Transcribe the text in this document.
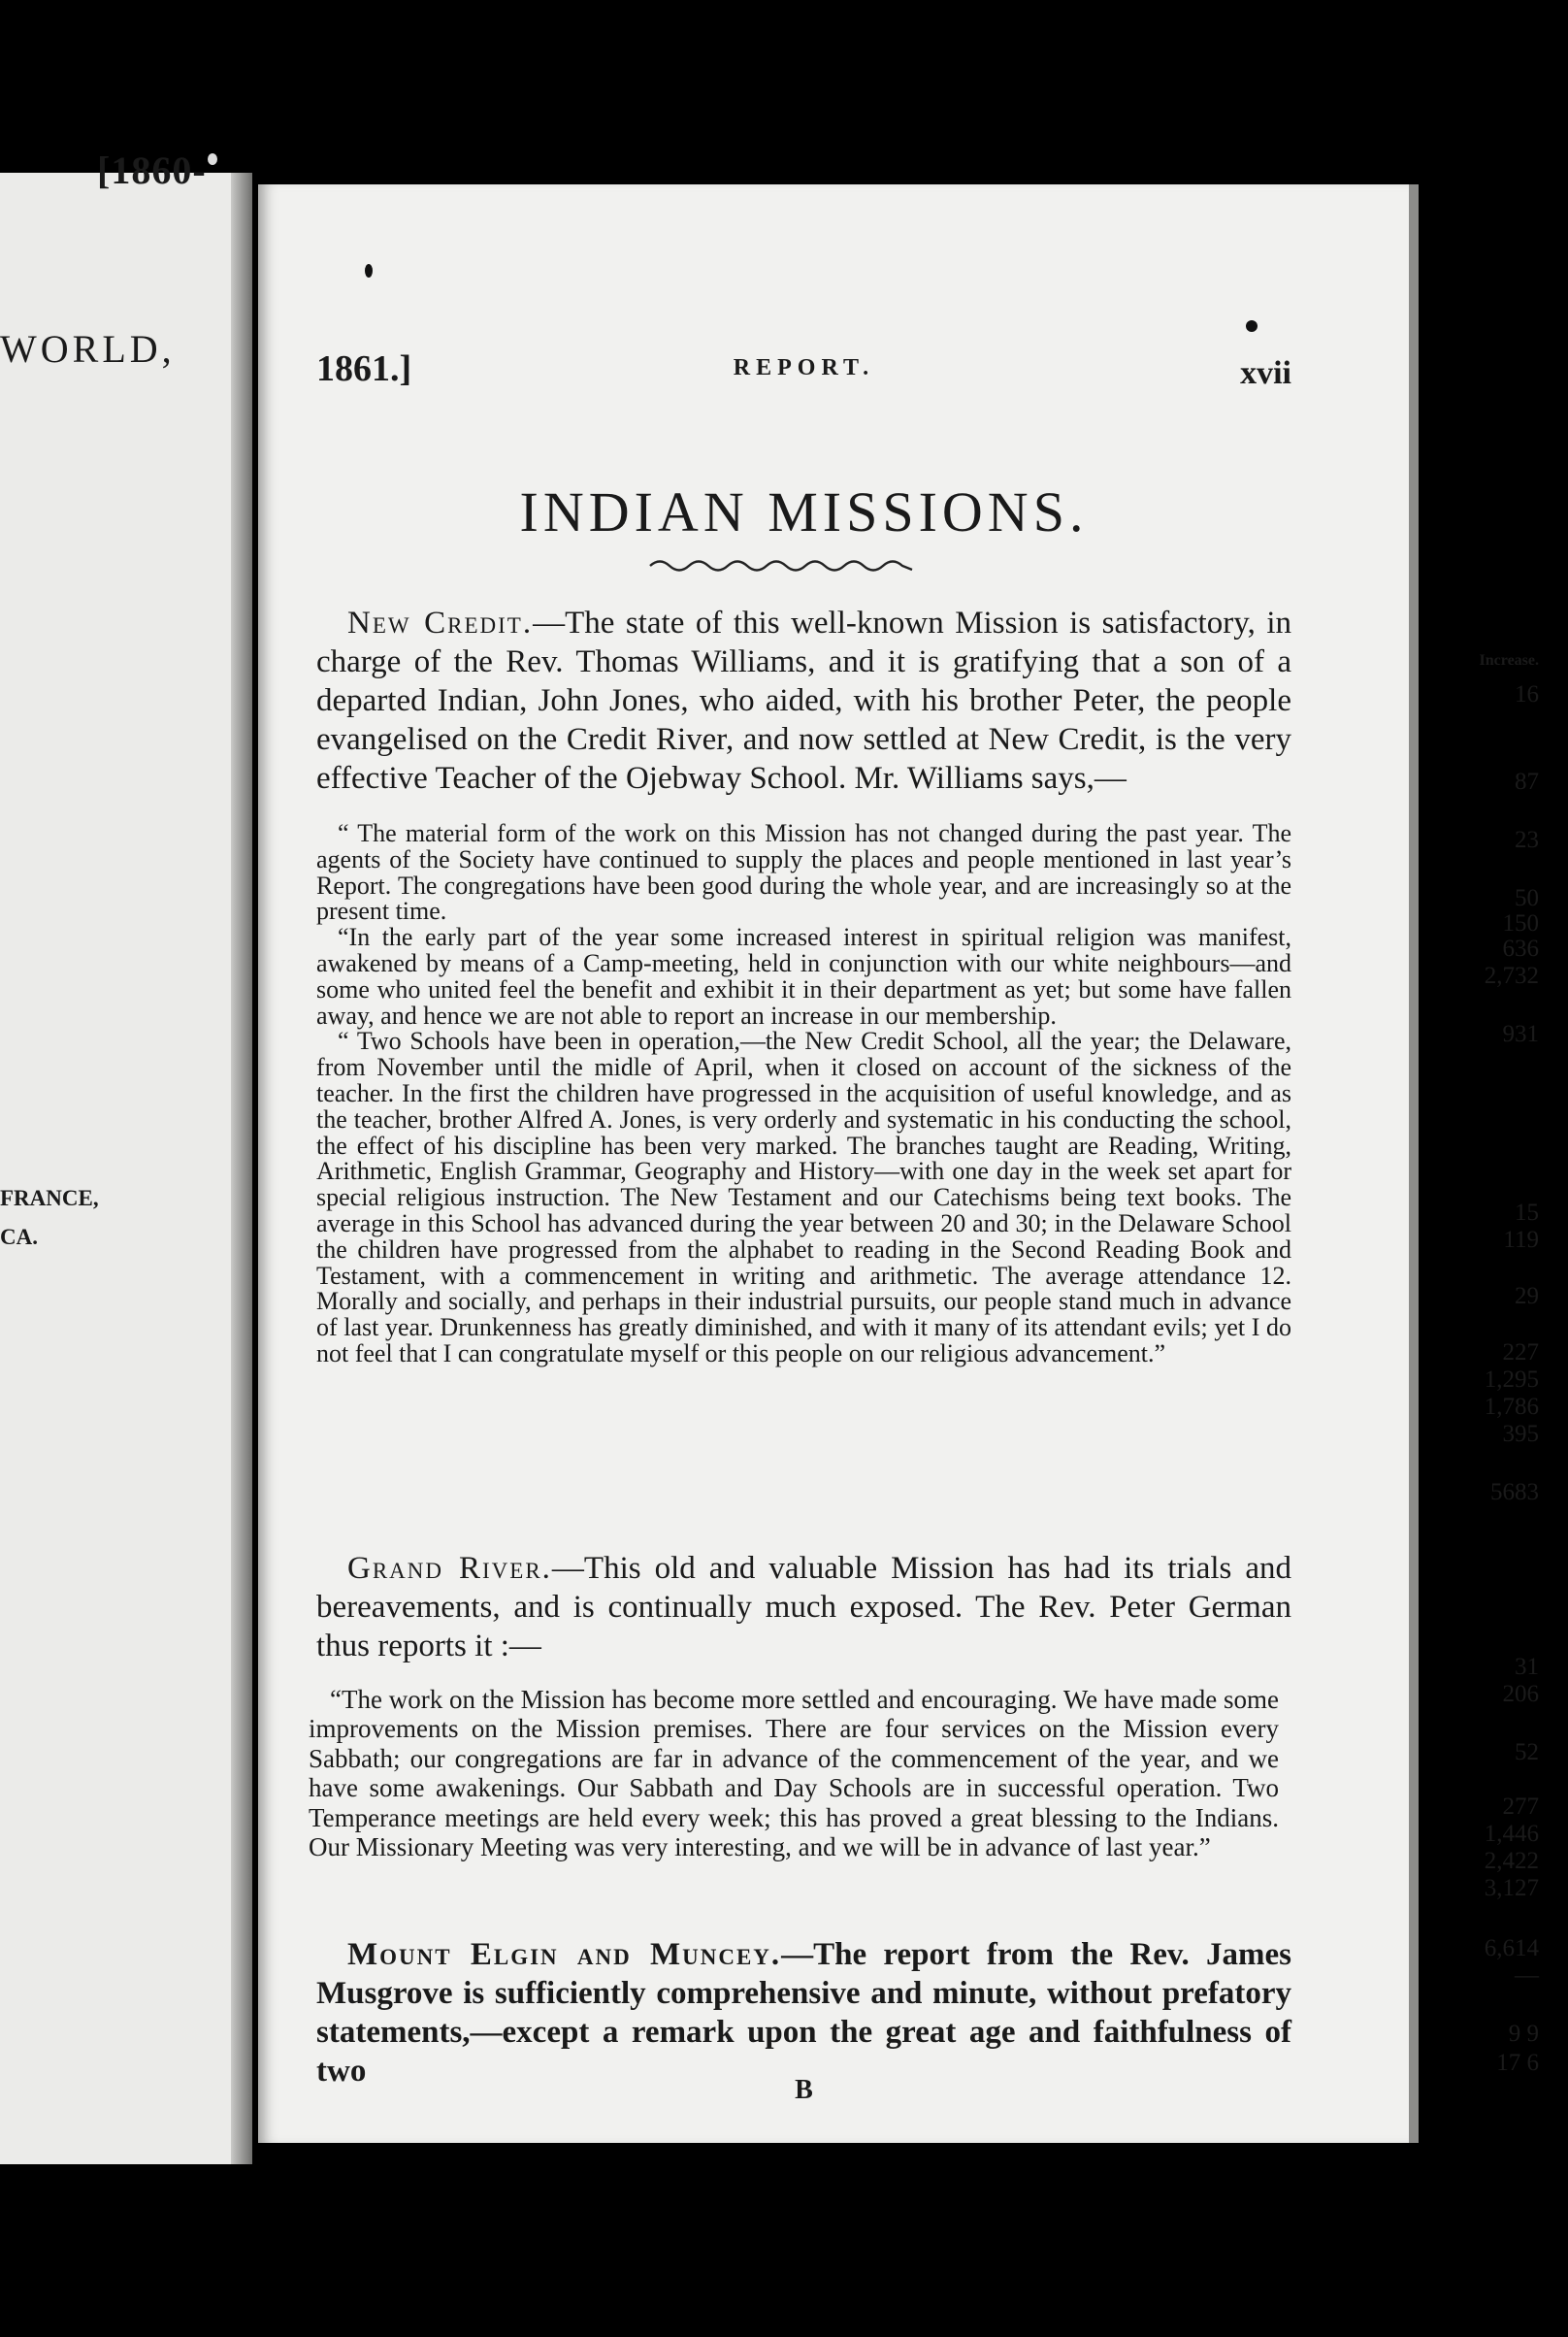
[1860-
WORLD,
Increase.
FRANCE,
CA.
16
87
23
50
150
636
2,732
931
15
119
29
227
1,295
1,786
395
5683
31
206
52
277
1,446
2,422
3,127
6,614
—
9 9
17 6
1861.]	REPORT.	xvii
INDIAN MISSIONS.

New Credit.—The state of this well-known Mission is satisfactory, in charge of the Rev. Thomas Williams, and it is gratifying that a son of a departed Indian, John Jones, who aided, with his brother Peter, the people evangelised on the Credit River, and now settled at New Credit, is the very effective Teacher of the Ojebway School. Mr. Williams says,—

“ The material form of the work on this Mission has not changed during the past year. The agents of the Society have continued to supply the places and people mentioned in last year’s Report. The congregations have been good during the whole year, and are increasingly so at the present time.

“In the early part of the year some increased interest in spiritual religion was manifest, awakened by means of a Camp-meeting, held in conjunction with our white neighbours—and some who united feel the benefit and exhibit it in their department as yet; but some have fallen away, and hence we are not able to report an increase in our membership.

“ Two Schools have been in operation,—the New Credit School, all the year; the Delaware, from November until the midle of April, when it closed on account of the sickness of the teacher. In the first the children have progressed in the acquisition of useful knowledge, and as the teacher, brother Alfred A. Jones, is very orderly and systematic in his conducting the school, the effect of his discipline has been very marked. The branches taught are Reading, Writing, Arithmetic, English Grammar, Geography and History—with one day in the week set apart for special religious instruction. The New Testament and our Catechisms being text books. The average in this School has advanced during the year between 20 and 30; in the Delaware School the children have progressed from the alphabet to reading in the Second Reading Book and Testament, with a commencement in writing and arithmetic. The average attendance 12. Morally and socially, and perhaps in their industrial pursuits, our people stand much in advance of last year. Drunkenness has greatly diminished, and with it many of its attendant evils; yet I do not feel that I can congratulate myself or this people on our religious advancement.”

Grand River.—This old and valuable Mission has had its trials and bereavements, and is continually much exposed. The Rev. Peter German thus reports it :—

“The work on the Mission has become more settled and encouraging. We have made some improvements on the Mission premises. There are four services on the Mission every Sabbath; our congregations are far in advance of the commencement of the year, and we have some awakenings. Our Sabbath and Day Schools are in successful operation. Two Temperance meetings are held every week; this has proved a great blessing to the Indians. Our Missionary Meeting was very interesting, and we will be in advance of last year.”

Mount Elgin and Muncey.—The report from the Rev. James Musgrove is sufficiently comprehensive and minute, without prefatory statements,—except a remark upon the great age and faithfulness of two

B
